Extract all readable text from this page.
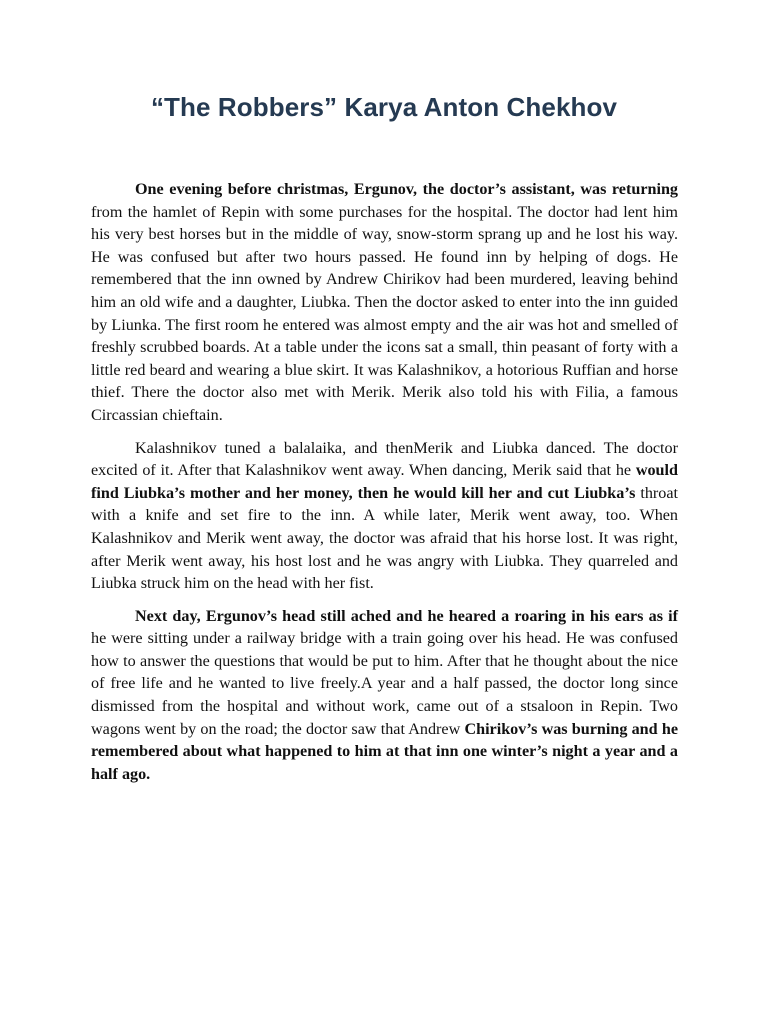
“The Robbers” Karya Anton Chekhov

One evening before christmas, Ergunov, the doctor’s assistant, was returning from the hamlet of Repin with some purchases for the hospital. The doctor had lent him his very best horses but in the middle of way, snow-storm sprang up and he lost his way. He was confused but after two hours passed. He found inn by helping of dogs. He remembered that the inn owned by Andrew Chirikov had been murdered, leaving behind him an old wife and a daughter, Liubka. Then the doctor asked to enter into the inn guided by Liunka. The first room he entered was almost empty and the air was hot and smelled of freshly scrubbed boards. At a table under the icons sat a small, thin peasant of forty with a little red beard and wearing a blue skirt. It was Kalashnikov, a hotorious Ruffian and horse thief. There the doctor also met with Merik. Merik also told his with Filia, a famous Circassian chieftain.

Kalashnikov tuned a balalaika, and thenMerik and Liubka danced. The doctor excited of it. After that Kalashnikov went away. When dancing, Merik said that he would find Liubka’s mother and her money, then he would kill her and cut Liubka’s throat with a knife and set fire to the inn. A while later, Merik went away, too. When Kalashnikov and Merik went away, the doctor was afraid that his horse lost. It was right, after Merik went away, his host lost and he was angry with Liubka. They quarreled and Liubka struck him on the head with her fist.

Next day, Ergunov’s head still ached and he heared a roaring in his ears as if he were sitting under a railway bridge with a train going over his head. He was confused how to answer the questions that would be put to him. After that he thought about the nice of free life and he wanted to live freely.A year and a half passed, the doctor long since dismissed from the hospital and without work, came out of a stsaloon in Repin. Two wagons went by on the road; the doctor saw that Andrew Chirikov’s was burning and he remembered about what happened to him at that inn one winter’s night a year and a half ago.
